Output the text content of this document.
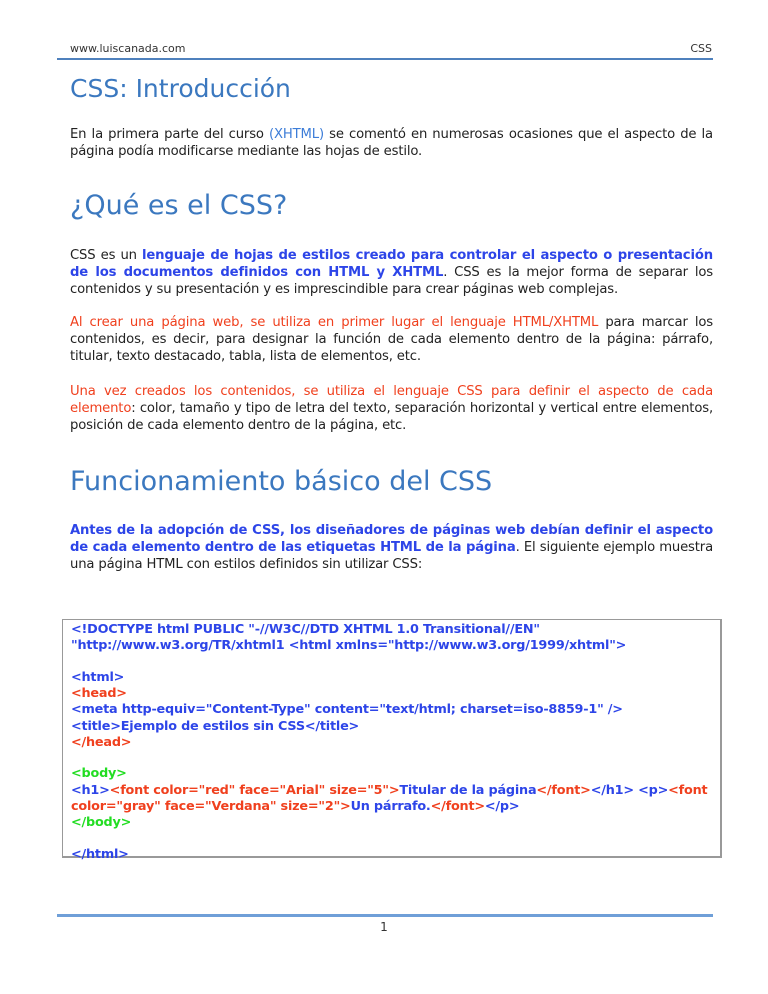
www.luiscanada.com	CSS
CSS: Introducción
En la primera parte del curso (XHTML) se comentó en numerosas ocasiones que el aspecto de la página podía modificarse mediante las hojas de estilo.
¿Qué es el CSS?
CSS es un lenguaje de hojas de estilos creado para controlar el aspecto o presentación de los documentos definidos con HTML y XHTML. CSS es la mejor forma de separar los contenidos y su presentación y es imprescindible para crear páginas web complejas.
Al crear una página web, se utiliza en primer lugar el lenguaje HTML/XHTML para marcar los contenidos, es decir, para designar la función de cada elemento dentro de la página: párrafo, titular, texto destacado, tabla, lista de elementos, etc.
Una vez creados los contenidos, se utiliza el lenguaje CSS para definir el aspecto de cada elemento: color, tamaño y tipo de letra del texto, separación horizontal y vertical entre elementos, posición de cada elemento dentro de la página, etc.
Funcionamiento básico del CSS
Antes de la adopción de CSS, los diseñadores de páginas web debían definir el aspecto de cada elemento dentro de las etiquetas HTML de la página. El siguiente ejemplo muestra una página HTML con estilos definidos sin utilizar CSS:
<!DOCTYPE html PUBLIC "-//W3C//DTD XHTML 1.0 Transitional//EN"
"http://www.w3.org/TR/xhtml1 <html xmlns="http://www.w3.org/1999/xhtml">
<html>
<head>
<meta http-equiv="Content-Type" content="text/html; charset=iso-8859-1" />
<title>Ejemplo de estilos sin CSS</title>
</head>
<body>
<h1><font color="red" face="Arial" size="5">Titular de la página</font></h1> <p><font
color="gray" face="Verdana" size="2">Un párrafo.</font></p>
</body>
</html>
1
